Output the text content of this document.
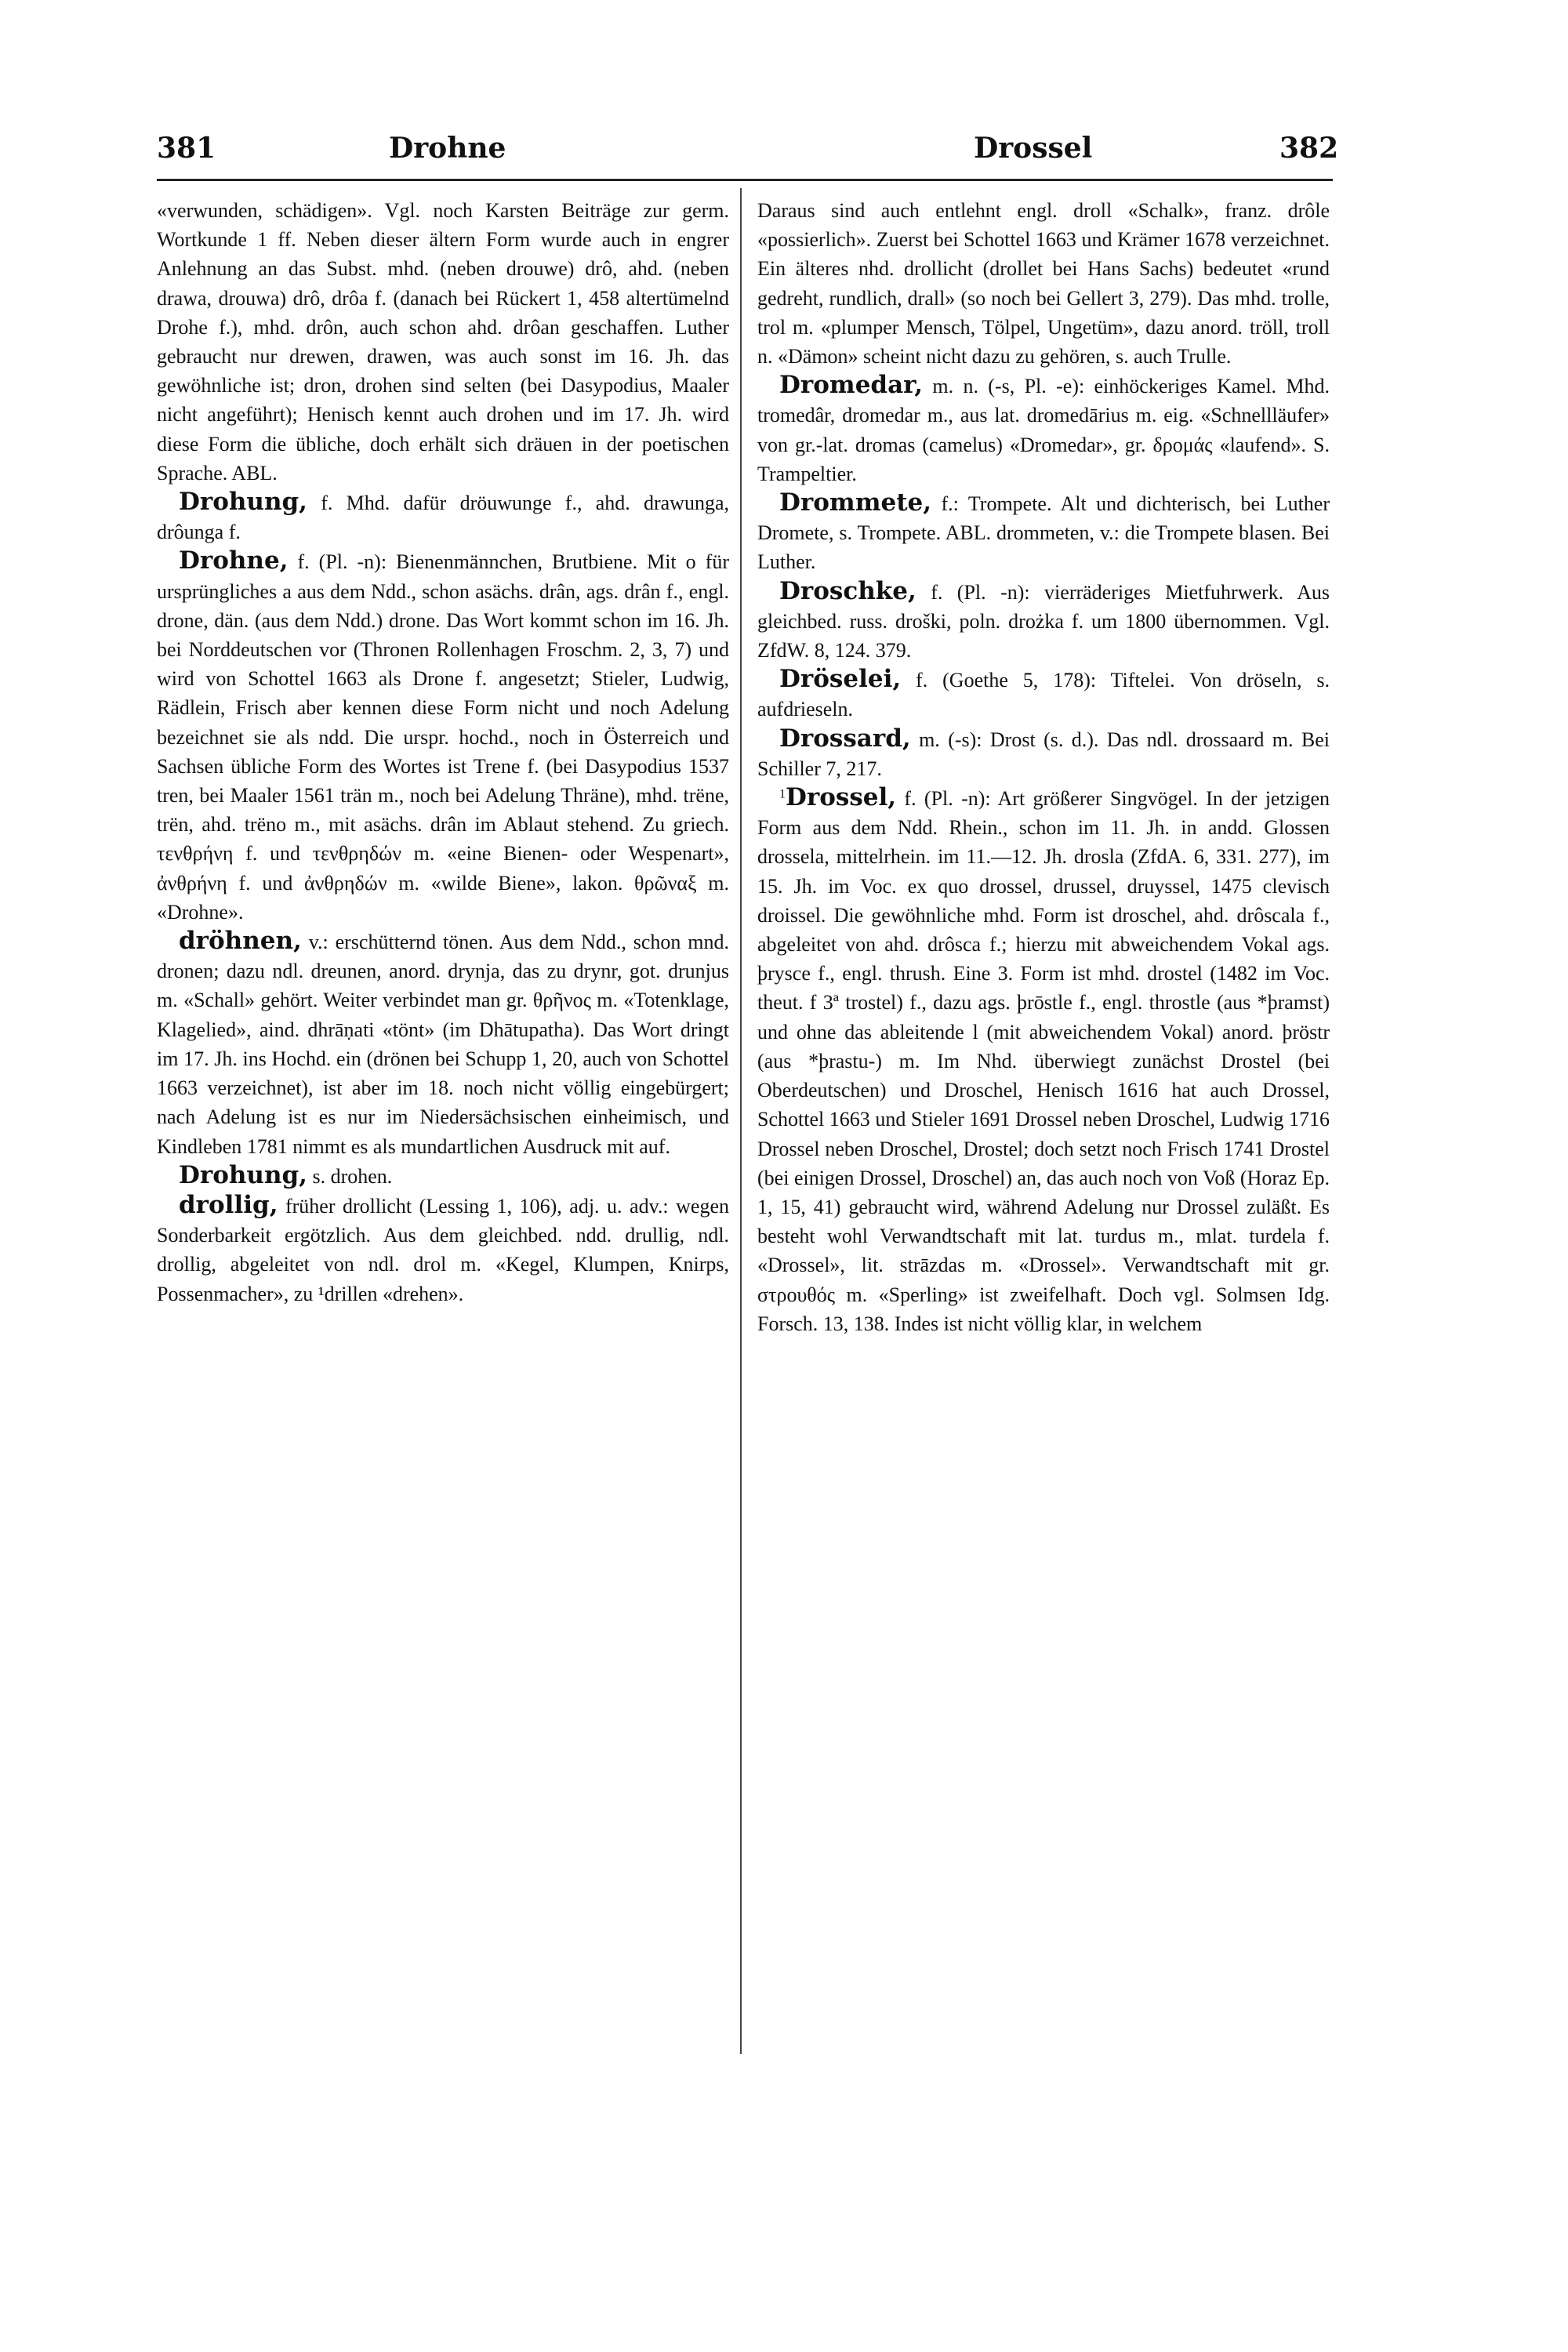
381	Drohne	Drossel	382

«verwunden, schädigen». Vgl. noch Karsten Beiträge zur germ. Wortkunde 1 ff. Neben dieser ältern Form wurde auch in engrer Anlehnung an das Subst. mhd. (neben drouwe) drô, ahd. (neben drawa, drouwa) drô, drôa f. (danach bei Rückert 1, 458 altertümelnd Drohe f.), mhd. drôn, auch schon ahd. drôan geschaffen. Luther gebraucht nur drewen, drawen, was auch sonst im 16. Jh. das gewöhnliche ist; dron, drohen sind selten (bei Dasypodius, Maaler nicht angeführt); Henisch kennt auch drohen und im 17. Jh. wird diese Form die übliche, doch erhält sich dräuen in der poetischen Sprache. ABL.

Drohung, f. Mhd. dafür dröuwunge f., ahd. drawunga, drôunga f.

Drohne, f. (Pl. -n): Bienenmännchen, Brutbiene. Mit o für ursprüngliches a aus dem Ndd., schon asächs. drân, ags. drân f., engl. drone, dän. (aus dem Ndd.) drone. Das Wort kommt schon im 16. Jh. bei Norddeutschen vor (Thronen Rollenhagen Froschm. 2, 3, 7) und wird von Schottel 1663 als Drone f. angesetzt; Stieler, Ludwig, Rädlein, Frisch aber kennen diese Form nicht und noch Adelung bezeichnet sie als ndd. Die urspr. hochd., noch in Österreich und Sachsen übliche Form des Wortes ist Trene f. (bei Dasypodius 1537 tren, bei Maaler 1561 trän m., noch bei Adelung Thräne), mhd. trëne, trën, ahd. trëno m., mit asächs. drân im Ablaut stehend. Zu griech. τενθρήνη f. und τενθρηδών m. «eine Bienen- oder Wespenart», ἀνθρήνη f. und ἀνθρηδών m. «wilde Biene», lakon. θρῶναξ m. «Drohne».

dröhnen, v.: erschütternd tönen. Aus dem Ndd., schon mnd. dronen; dazu ndl. dreunen, anord. drynja, das zu drynr, got. drunjus m. «Schall» gehört. Weiter verbindet man gr. θρῆνος m. «Totenklage, Klagelied», aind. dhrāṇati «tönt» (im Dhātupatha). Das Wort dringt im 17. Jh. ins Hochd. ein (drönen bei Schupp 1, 20, auch von Schottel 1663 verzeichnet), ist aber im 18. noch nicht völlig eingebürgert; nach Adelung ist es nur im Niedersächsischen einheimisch, und Kindleben 1781 nimmt es als mundartlichen Ausdruck mit auf.

Drohung, s. drohen.

drollig, früher drollicht (Lessing 1, 106), adj. u. adv.: wegen Sonderbarkeit ergötzlich. Aus dem gleichbed. ndd. drullig, ndl. drollig, abgeleitet von ndl. drol m. «Kegel, Klumpen, Knirps, Possenmacher», zu ¹drillen «drehen».

Daraus sind auch entlehnt engl. droll «Schalk», franz. drôle «possierlich». Zuerst bei Schottel 1663 und Krämer 1678 verzeichnet. Ein älteres nhd. drollicht (drollet bei Hans Sachs) bedeutet «rund gedreht, rundlich, drall» (so noch bei Gellert 3, 279). Das mhd. trolle, trol m. «plumper Mensch, Tölpel, Ungetüm», dazu anord. tröll, troll n. «Dämon» scheint nicht dazu zu gehören, s. auch Trulle.

Dromedar, m. n. (-s, Pl. -e): einhöckeriges Kamel. Mhd. tromedâr, dromedar m., aus lat. dromedārius m. eig. «Schnellläufer» von gr.-lat. dromas (camelus) «Dromedar», gr. δρομάς «laufend». S. Trampeltier.

Drommete, f.: Trompete. Alt und dichterisch, bei Luther Dromete, s. Trompete. ABL. drommeten, v.: die Trompete blasen. Bei Luther.

Droschke, f. (Pl. -n): vierräderiges Mietfuhrwerk. Aus gleichbed. russ. droški, poln. drożka f. um 1800 übernommen. Vgl. ZfdW. 8, 124. 379.

Dröselei, f. (Goethe 5, 178): Tiftelei. Von dröseln, s. aufdrieseln.

Drossard, m. (-s): Drost (s. d.). Das ndl. drossaard m. Bei Schiller 7, 217.

$^1$Drossel, f. (Pl. -n): Art größerer Singvögel. In der jetzigen Form aus dem Ndd. Rhein., schon im 11. Jh. in andd. Glossen drossela, mittelrhein. im 11.—12. Jh. drosla (ZfdA. 6, 331. 277), im 15. Jh. im Voc. ex quo drossel, drussel, druyssel, 1475 clevisch droissel. Die gewöhnliche mhd. Form ist droschel, ahd. drôscala f., abgeleitet von ahd. drôsca f.; hierzu mit abweichendem Vokal ags. þrysce f., engl. thrush. Eine 3. Form ist mhd. drostel (1482 im Voc. theut. f 3ª trostel) f., dazu ags. þrōstle f., engl. throstle (aus *þramst) und ohne das ableitende l (mit abweichendem Vokal) anord. þröstr (aus *þrastu-) m. Im Nhd. überwiegt zunächst Drostel (bei Oberdeutschen) und Droschel, Henisch 1616 hat auch Drossel, Schottel 1663 und Stieler 1691 Drossel neben Droschel, Ludwig 1716 Drossel neben Droschel, Drostel; doch setzt noch Frisch 1741 Drostel (bei einigen Drossel, Droschel) an, das auch noch von Voß (Horaz Ep. 1, 15, 41) gebraucht wird, während Adelung nur Drossel zuläßt. Es besteht wohl Verwandtschaft mit lat. turdus m., mlat. turdela f. «Drossel», lit. strāzdas m. «Drossel». Verwandtschaft mit gr. στρουθός m. «Sperling» ist zweifelhaft. Doch vgl. Solmsen Idg. Forsch. 13, 138. Indes ist nicht völlig klar, in welchem
